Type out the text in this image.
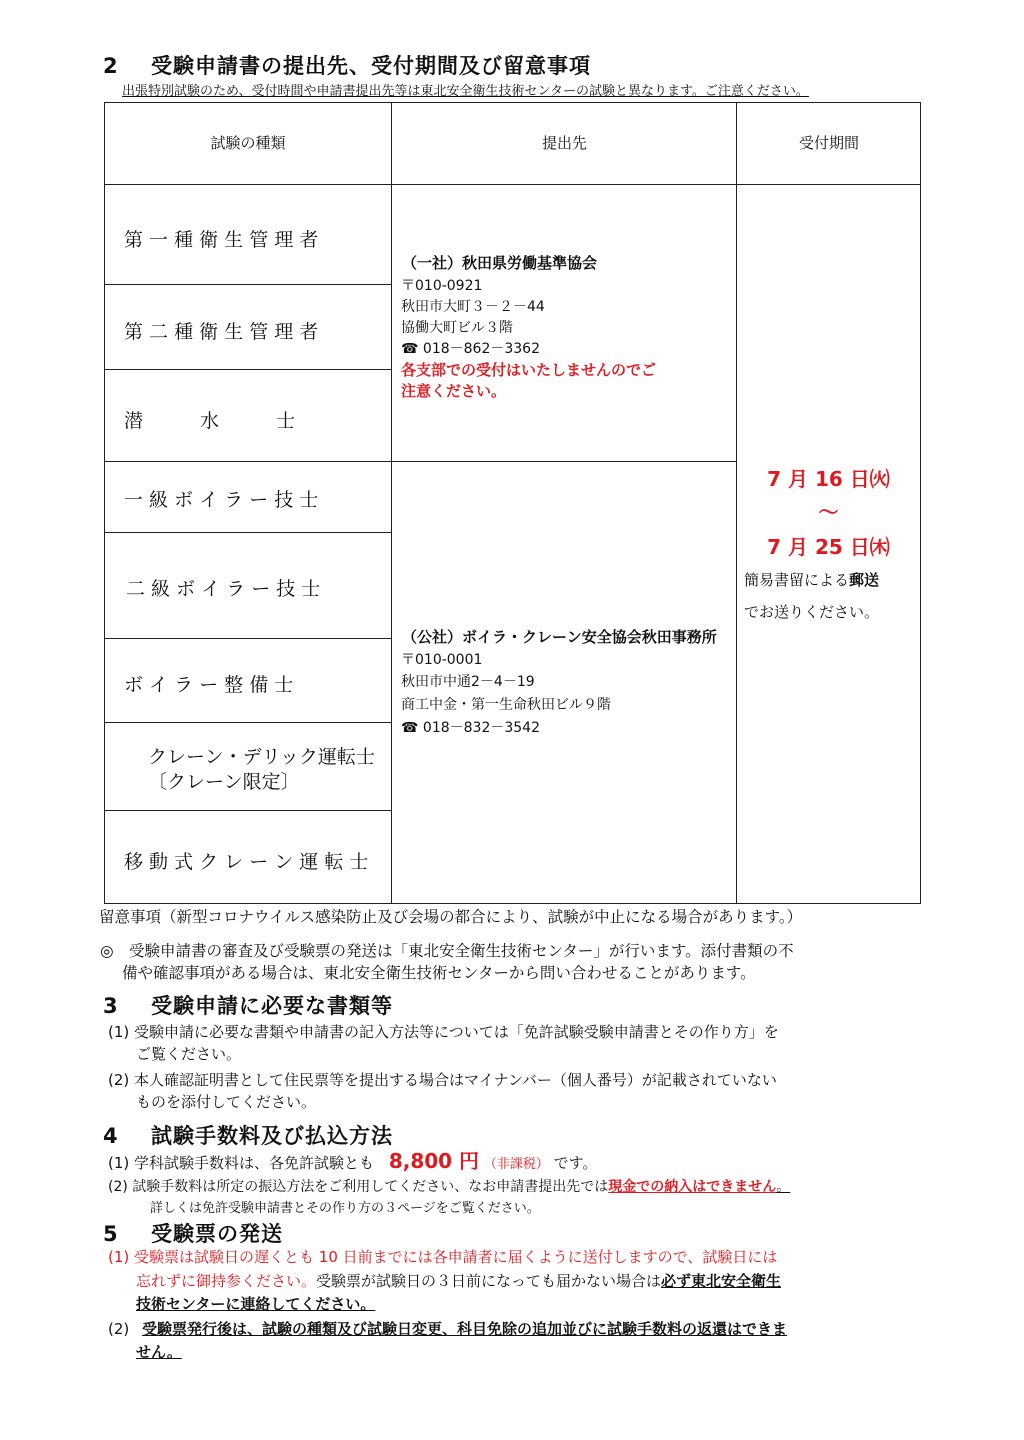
2 受験申請書の提出先、受付期間及び留意事項
出張特別試験のため、受付時間や申請書提出先等は東北安全衛生技術センターの試験と異なります。ご注意ください。
試験の種類	提出先	受付期間
第 一 種 衛 生 管 理 者
第 二 種 衛 生 管 理 者
潜　　　水　　　士
一 級 ボ イ ラ ー 技 士
二 級 ボ イ ラ ー 技 士
ボ イ ラ ー 整 備 士
クレーン・デリック運転士
〔クレーン限定〕
移 動 式 ク レ ー ン 運 転 士
（一社）秋田県労働基準協会
〒010-0921
秋田市大町３－２－44
協働大町ビル３階
☎ 018－862－3362
各支部での受付はいたしませんのでご
注意ください。
（公社）ボイラ・クレーン安全協会秋田事務所
〒010-0001
秋田市中通2－4－19
商工中金・第一生命秋田ビル９階
☎ 018－832－3542
7 月 16 日㈫
～
7 月 25 日㈭
簡易書留による郵送
でお送りください。
留意事項（新型コロナウイルス感染防止及び会場の都合により、試験が中止になる場合があります。）
◎　受験申請書の審査及び受験票の発送は「東北安全衛生技術センター」が行います。添付書類の不
備や確認事項がある場合は、東北安全衛生技術センターから問い合わせることがあります。
3 受験申請に必要な書類等
(1) 受験申請に必要な書類や申請書の記入方法等については「免許試験受験申請書とその作り方」を
ご覧ください。
(2) 本人確認証明書として住民票等を提出する場合はマイナンバー（個人番号）が記載されていない
ものを添付してください。
4 試験手数料及び払込方法
(1) 学科試験手数料は、各免許試験とも 8,800 円 （非課税） です。
(2) 試験手数料は所定の振込方法をご利用してください、なお申請書提出先では現金での納入はできません。
詳しくは免許受験申請書とその作り方の３ページをご覧ください。
5 受験票の発送
(1) 受験票は試験日の遅くとも 10 日前までには各申請者に届くように送付しますので、試験日には
忘れずに御持参ください。受験票が試験日の３日前になっても届かない場合は必ず東北安全衛生
技術センターに連絡してください。
(2) 受験票発行後は、試験の種類及び試験日変更、科目免除の追加並びに試験手数料の返還はできま
せん。
